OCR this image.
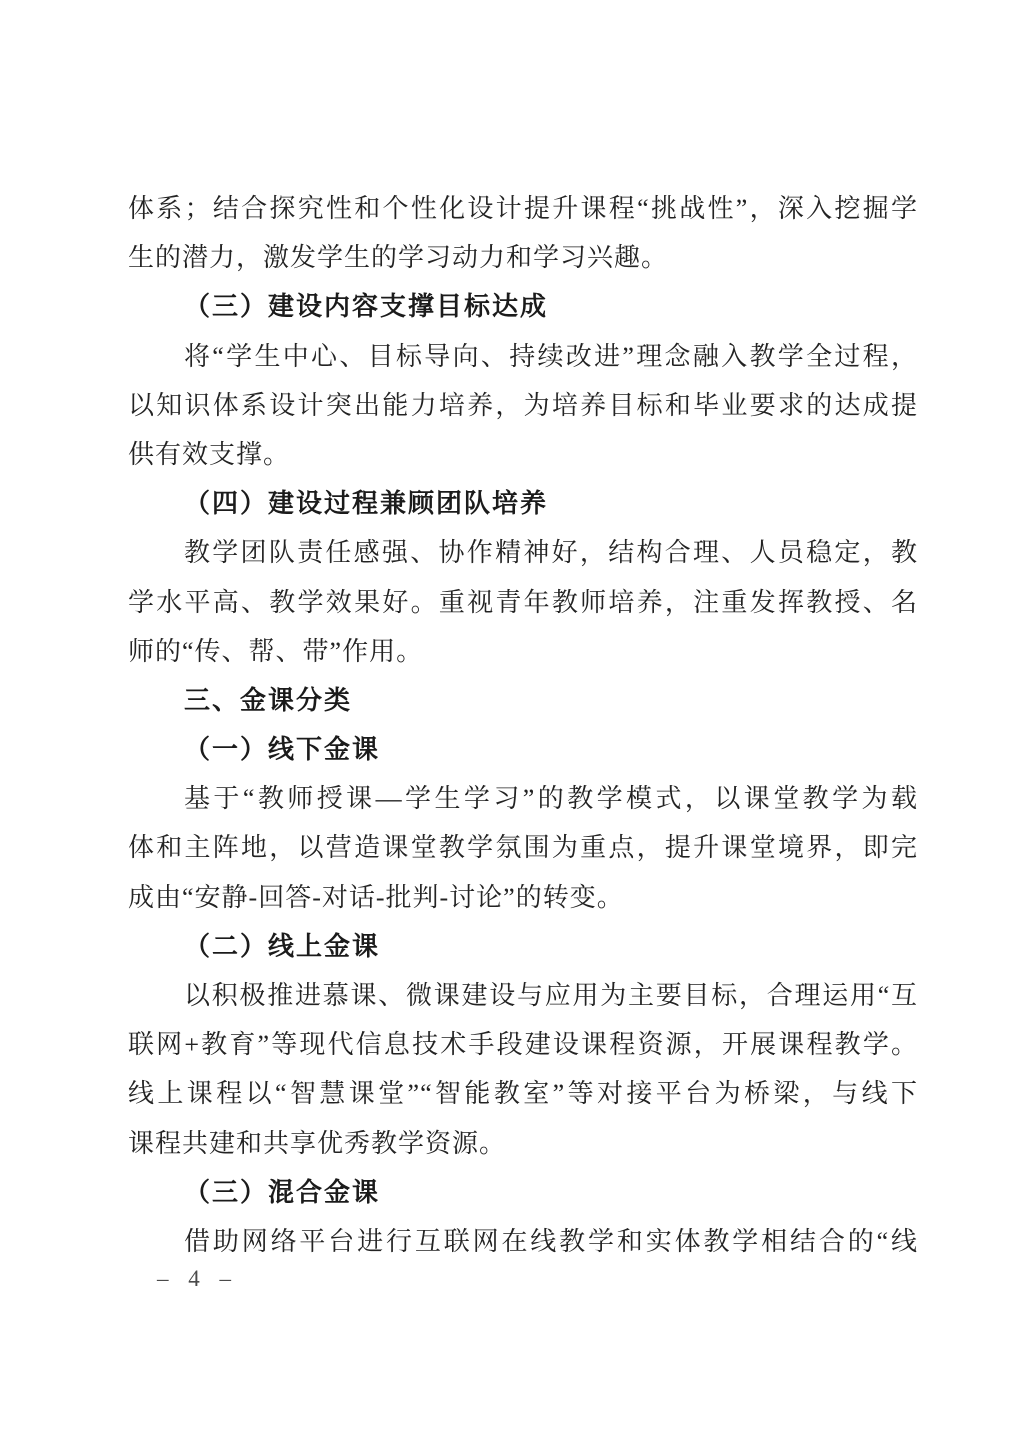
体系；结合探究性和个性化设计提升课程“挑战性”，深入挖掘学
生的潜力，激发学生的学习动力和学习兴趣。
（三）建设内容支撑目标达成
将“学生中心、目标导向、持续改进”理念融入教学全过程，
以知识体系设计突出能力培养，为培养目标和毕业要求的达成提
供有效支撑。
（四）建设过程兼顾团队培养
教学团队责任感强、协作精神好，结构合理、人员稳定，教
学水平高、教学效果好。重视青年教师培养，注重发挥教授、名
师的“传、帮、带”作用。
三、金课分类
（一）线下金课
基于“教师授课—学生学习”的教学模式，以课堂教学为载
体和主阵地，以营造课堂教学氛围为重点，提升课堂境界，即完
成由“安静-回答-对话-批判-讨论”的转变。
（二）线上金课
以积极推进慕课、微课建设与应用为主要目标，合理运用“互
联网+教育”等现代信息技术手段建设课程资源，开展课程教学。
线上课程以“智慧课堂”“智能教室”等对接平台为桥梁，与线下
课程共建和共享优秀教学资源。
（三）混合金课
借助网络平台进行互联网在线教学和实体教学相结合的“线
– 4 –
